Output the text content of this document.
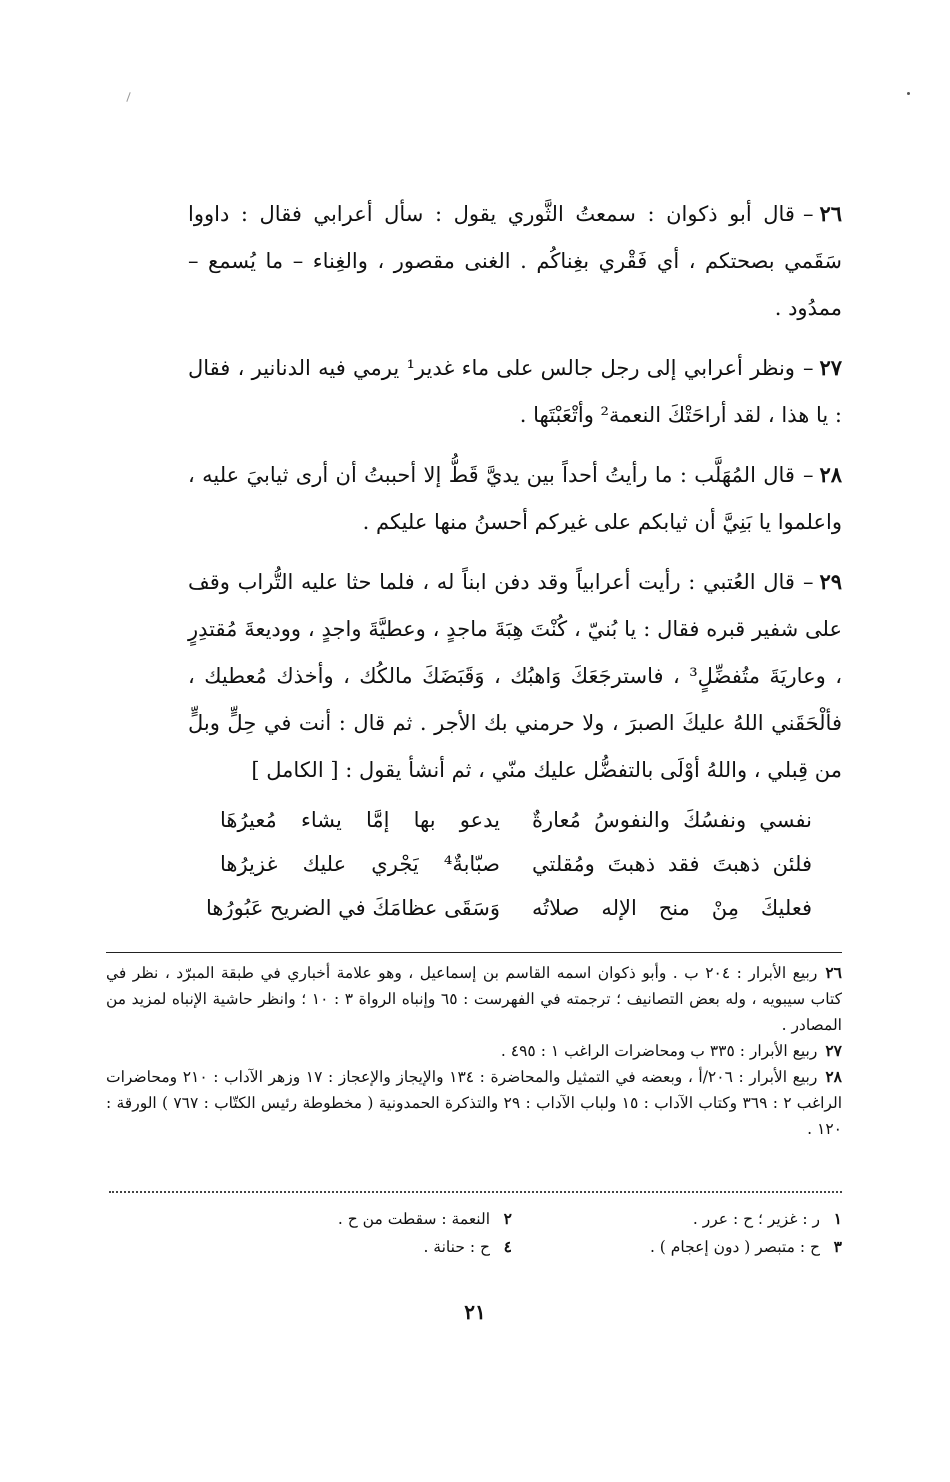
٢٦–قال أبو ذكوان : سمعتُ الثَّوري يقول : سأل أعرابي فقال : داووا سَقَمي بصحتكم ، أي فَقْري بغِناكُم . الغنى مقصور ، والغِناء – ما يُسمع – ممدُود .

٢٧–ونظر أعرابي إلى رجل جالس على ماء غدير¹ يرمي فيه الدنانير ، فقال : يا هذا ، لقد أراحَتْكَ النعمة² وأتْعَبْتَها .

٢٨–قال المُهَلَّب : ما رأيتُ أحداً بين يديَّ قَطُّ إلا أحببتُ أن أرى ثيابيَ عليه ، واعلموا يا بَنِيَّ أن ثيابكم على غيركم أحسنُ منها عليكم .

٢٩–قال العُتبي : رأيت أعرابياً وقد دفن ابناً له ، فلما حثا عليه التُّراب وقف على شفير قبره فقال : يا بُنيّ ، كُنْتَ هِبَةَ ماجدٍ ، وعطيَّةَ واجدٍ ، ووديعةَ مُقتدِرٍ ، وعاريَةَ متُفضِّلٍ³ ، فاسترجَعَكَ وَاهبُك ، وَقَبَضَكَ مالكُك ، وأخذك مُعطيك ، فألْحَقَني اللهُ عليكَ الصبرَ ، ولا حرمني بك الأجر . ثم قال : أنت في حِلٍّ وبلٍّ من قِبلي ، واللهُ أوْلَى بالتفضُّل عليك منّي ، ثم أنشأ يقول : [ الكامل ]

نفسي ونفسُكَ والنفوسُ مُعارةٌ
يدعو بها إمَّا يشاء مُعيرُهَا
فلئن ذهبتَ فقد ذهبتَ ومُقلتي
صبّابةٌ⁴ يَجْري عليك غزيرُها
فعليكَ مِنْ منح الإله صلاتُه
وَسَقَى عظامَكَ في الضريح عَبُورُها

٢٦ربيع الأبرار : ٢٠٤ ب . وأبو ذكوان اسمه القاسم بن إسماعيل ، وهو علامة أخباري في طبقة المبرّد ، نظر في كتاب سيبويه ، وله بعض التصانيف ؛ ترجمته في الفهرست : ٦٥ وإنباه الرواة ٣ : ١٠ ؛ وانظر حاشية الإنباه لمزيد من المصادر .

٢٧ربيع الأبرار : ٣٣٥ ب ومحاضرات الراغب ١ : ٤٩٥ .

٢٨ربيع الأبرار : ٢٠٦/أ ، وبعضه في التمثيل والمحاضرة : ١٣٤ والإيجاز والإعجاز : ١٧ وزهر الآداب : ٢١٠ ومحاضرات الراغب ٢ : ٣٦٩ وكتاب الآداب : ١٥ ولباب الآداب : ٢٩ والتذكرة الحمدونية ( مخطوطة رئيس الكتّاب : ٧٦٧ ) الورقة : ١٢٠ .

١ر : غزير ؛ ح : عرر .
٢النعمة : سقطت من ح .
٣ح : متبصر ( دون إعجام ) .
٤ح : حنانة .
٢١
